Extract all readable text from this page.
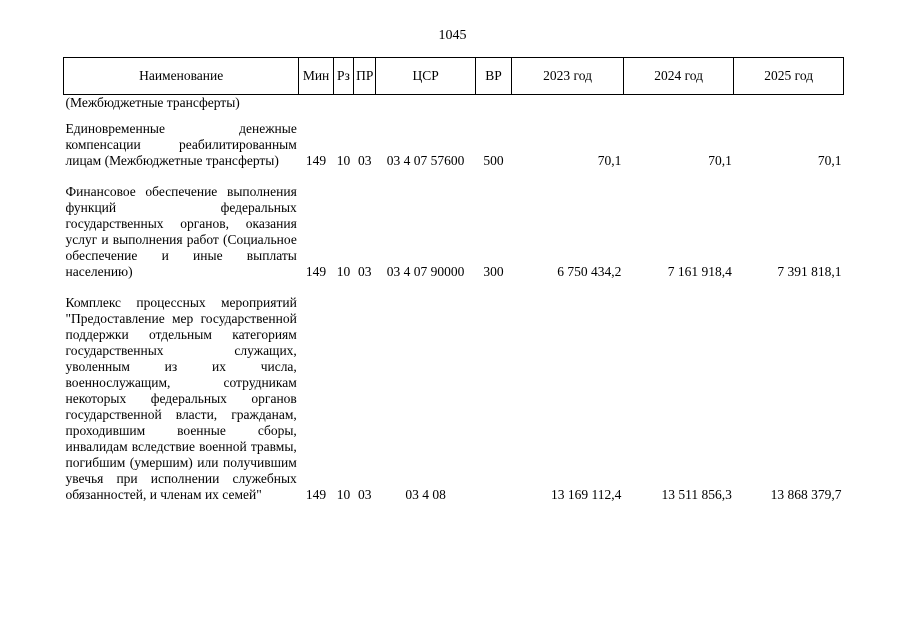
1045
Наименование	Мин	Рз	ПР	ЦСР	ВР	2023 год	2024 год	2025 год
(Межбюджетные трансферты)								
Единовременные денежные компенсации реабилитированным лицам (Межбюджетные трансферты)	149	10	03	03 4 07 57600	500	70,1	70,1	70,1
Финансовое обеспечение выполнения функций федеральных государственных органов, оказания услуг и выполнения работ (Социальное обеспечение и иные выплаты населению)	149	10	03	03 4 07 90000	300	6 750 434,2	7 161 918,4	7 391 818,1
Комплекс процессных мероприятий "Предоставление мер государственной поддержки отдельным категориям государственных служащих, уволенным из их числа, военнослужащим, сотрудникам некоторых федеральных органов государственной власти, гражданам, проходившим военные сборы, инвалидам вследствие военной травмы, погибшим (умершим) или получившим увечья при исполнении служебных обязанностей, и членам их семей"	149	10	03	03 4 08		13 169 112,4	13 511 856,3	13 868 379,7
